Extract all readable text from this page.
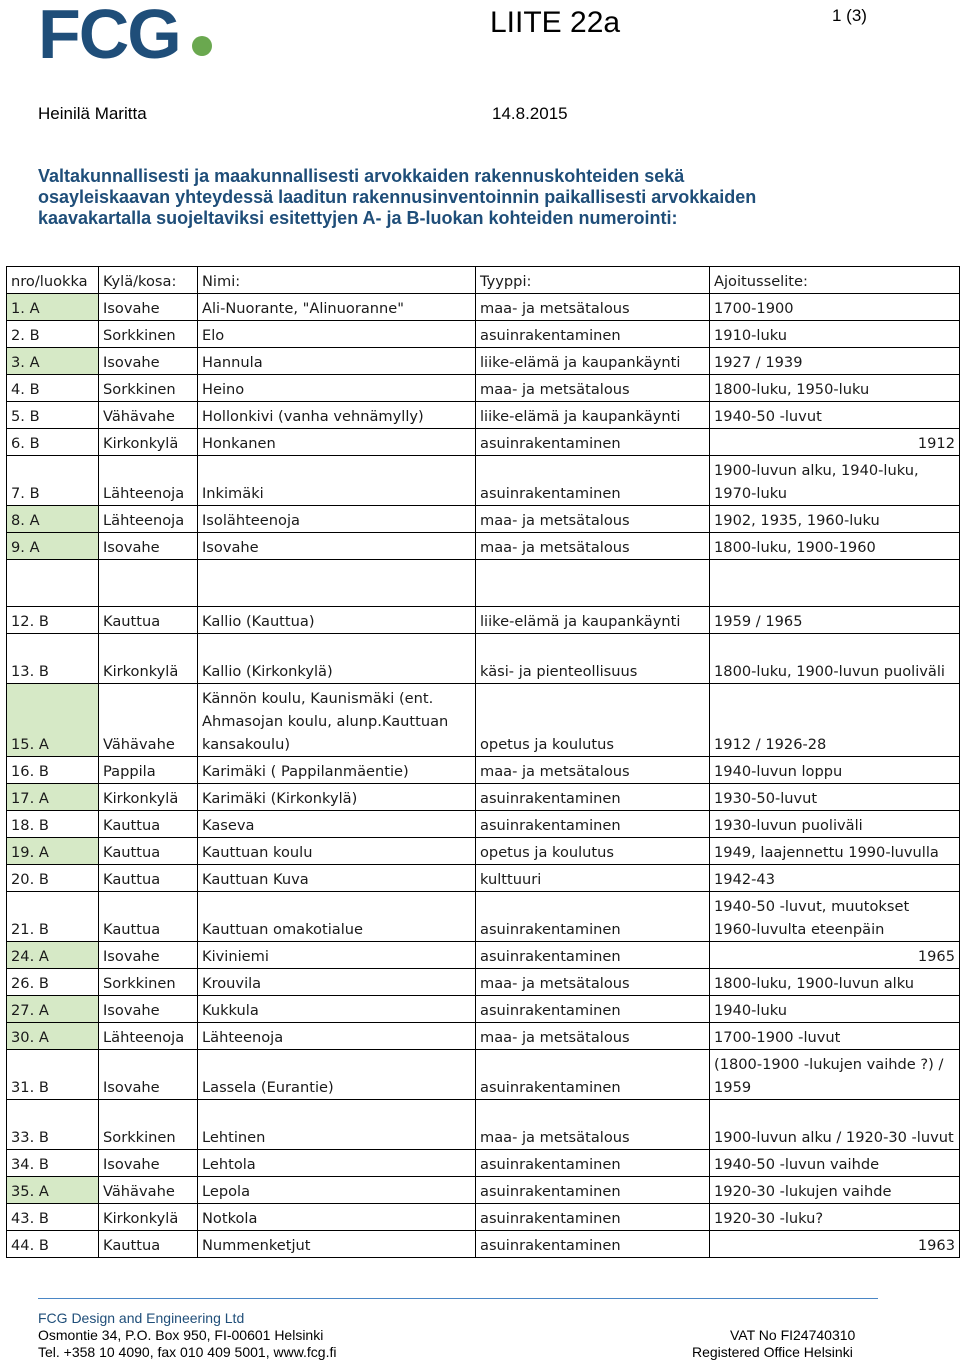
FCG	LIITE 22a	1 (3)
Heinilä Maritta	14.8.2015
Valtakunnallisesti ja maakunnallisesti arvokkaiden rakennuskohteiden sekä
osayleiskaavan yhteydessä laaditun rakennusinventoinnin paikallisesti arvokkaiden
kaavakartalla suojeltaviksi esitettyjen A- ja B-luokan kohteiden numerointi:
nro/luokka	Kylä/kosa:	Nimi:	Tyyppi:	Ajoitusselite:
1. A	Isovahe	Ali-Nuorante, "Alinuoranne"	maa- ja metsätalous	1700-1900
2. B	Sorkkinen	Elo	asuinrakentaminen	1910-luku
3. A	Isovahe	Hannula	liike-elämä ja kaupankäynti	1927 / 1939
4. B	Sorkkinen	Heino	maa- ja metsätalous	1800-luku, 1950-luku
5. B	Vähävahe	Hollonkivi (vanha vehnämylly)	liike-elämä ja kaupankäynti	1940-50 -luvut
6. B	Kirkonkylä	Honkanen	asuinrakentaminen	1912
7. B	Lähteenoja	Inkimäki	asuinrakentaminen	1900-luvun alku, 1940-luku, 1970-luku
8. A	Lähteenoja	Isolähteenoja	maa- ja metsätalous	1902, 1935, 1960-luku
9. A	Isovahe	Isovahe	maa- ja metsätalous	1800-luku, 1900-1960

12. B	Kauttua	Kallio (Kauttua)	liike-elämä ja kaupankäynti	1959 / 1965
13. B	Kirkonkylä	Kallio (Kirkonkylä)	käsi- ja pienteollisuus	1800-luku, 1900-luvun puoliväli
15. A	Vähävahe	Kännön koulu, Kaunismäki (ent. Ahmasojan koulu, alunp.Kauttuan kansakoulu)	opetus ja koulutus	1912 / 1926-28
16. B	Pappila	Karimäki ( Pappilanmäentie)	maa- ja metsätalous	1940-luvun loppu
17. A	Kirkonkylä	Karimäki (Kirkonkylä)	asuinrakentaminen	1930-50-luvut
18. B	Kauttua	Kaseva	asuinrakentaminen	1930-luvun puoliväli
19. A	Kauttua	Kauttuan koulu	opetus ja koulutus	1949, laajennettu 1990-luvulla
20. B	Kauttua	Kauttuan Kuva	kulttuuri	1942-43
21. B	Kauttua	Kauttuan omakotialue	asuinrakentaminen	1940-50 -luvut, muutokset 1960-luvulta eteenpäin
24. A	Isovahe	Kiviniemi	asuinrakentaminen	1965
26. B	Sorkkinen	Krouvila	maa- ja metsätalous	1800-luku, 1900-luvun alku
27. A	Isovahe	Kukkula	asuinrakentaminen	1940-luku
30. A	Lähteenoja	Lähteenoja	maa- ja metsätalous	1700-1900 -luvut
31. B	Isovahe	Lassela (Eurantie)	asuinrakentaminen	(1800-1900 -lukujen vaihde ?) / 1959
33. B	Sorkkinen	Lehtinen	maa- ja metsätalous	1900-luvun alku / 1920-30 -luvut
34. B	Isovahe	Lehtola	asuinrakentaminen	1940-50 -luvun vaihde
35. A	Vähävahe	Lepola	asuinrakentaminen	1920-30 -lukujen vaihde
43. B	Kirkonkylä	Notkola	asuinrakentaminen	1920-30 -luku?
44. B	Kauttua	Nummenketjut	asuinrakentaminen	1963
FCG Design and Engineering Ltd
Osmontie 34, P.O. Box 950, FI-00601 Helsinki
Tel. +358 10 4090, fax 010 409 5001, www.fcg.fi
VAT No FI24740310
Registered Office Helsinki
